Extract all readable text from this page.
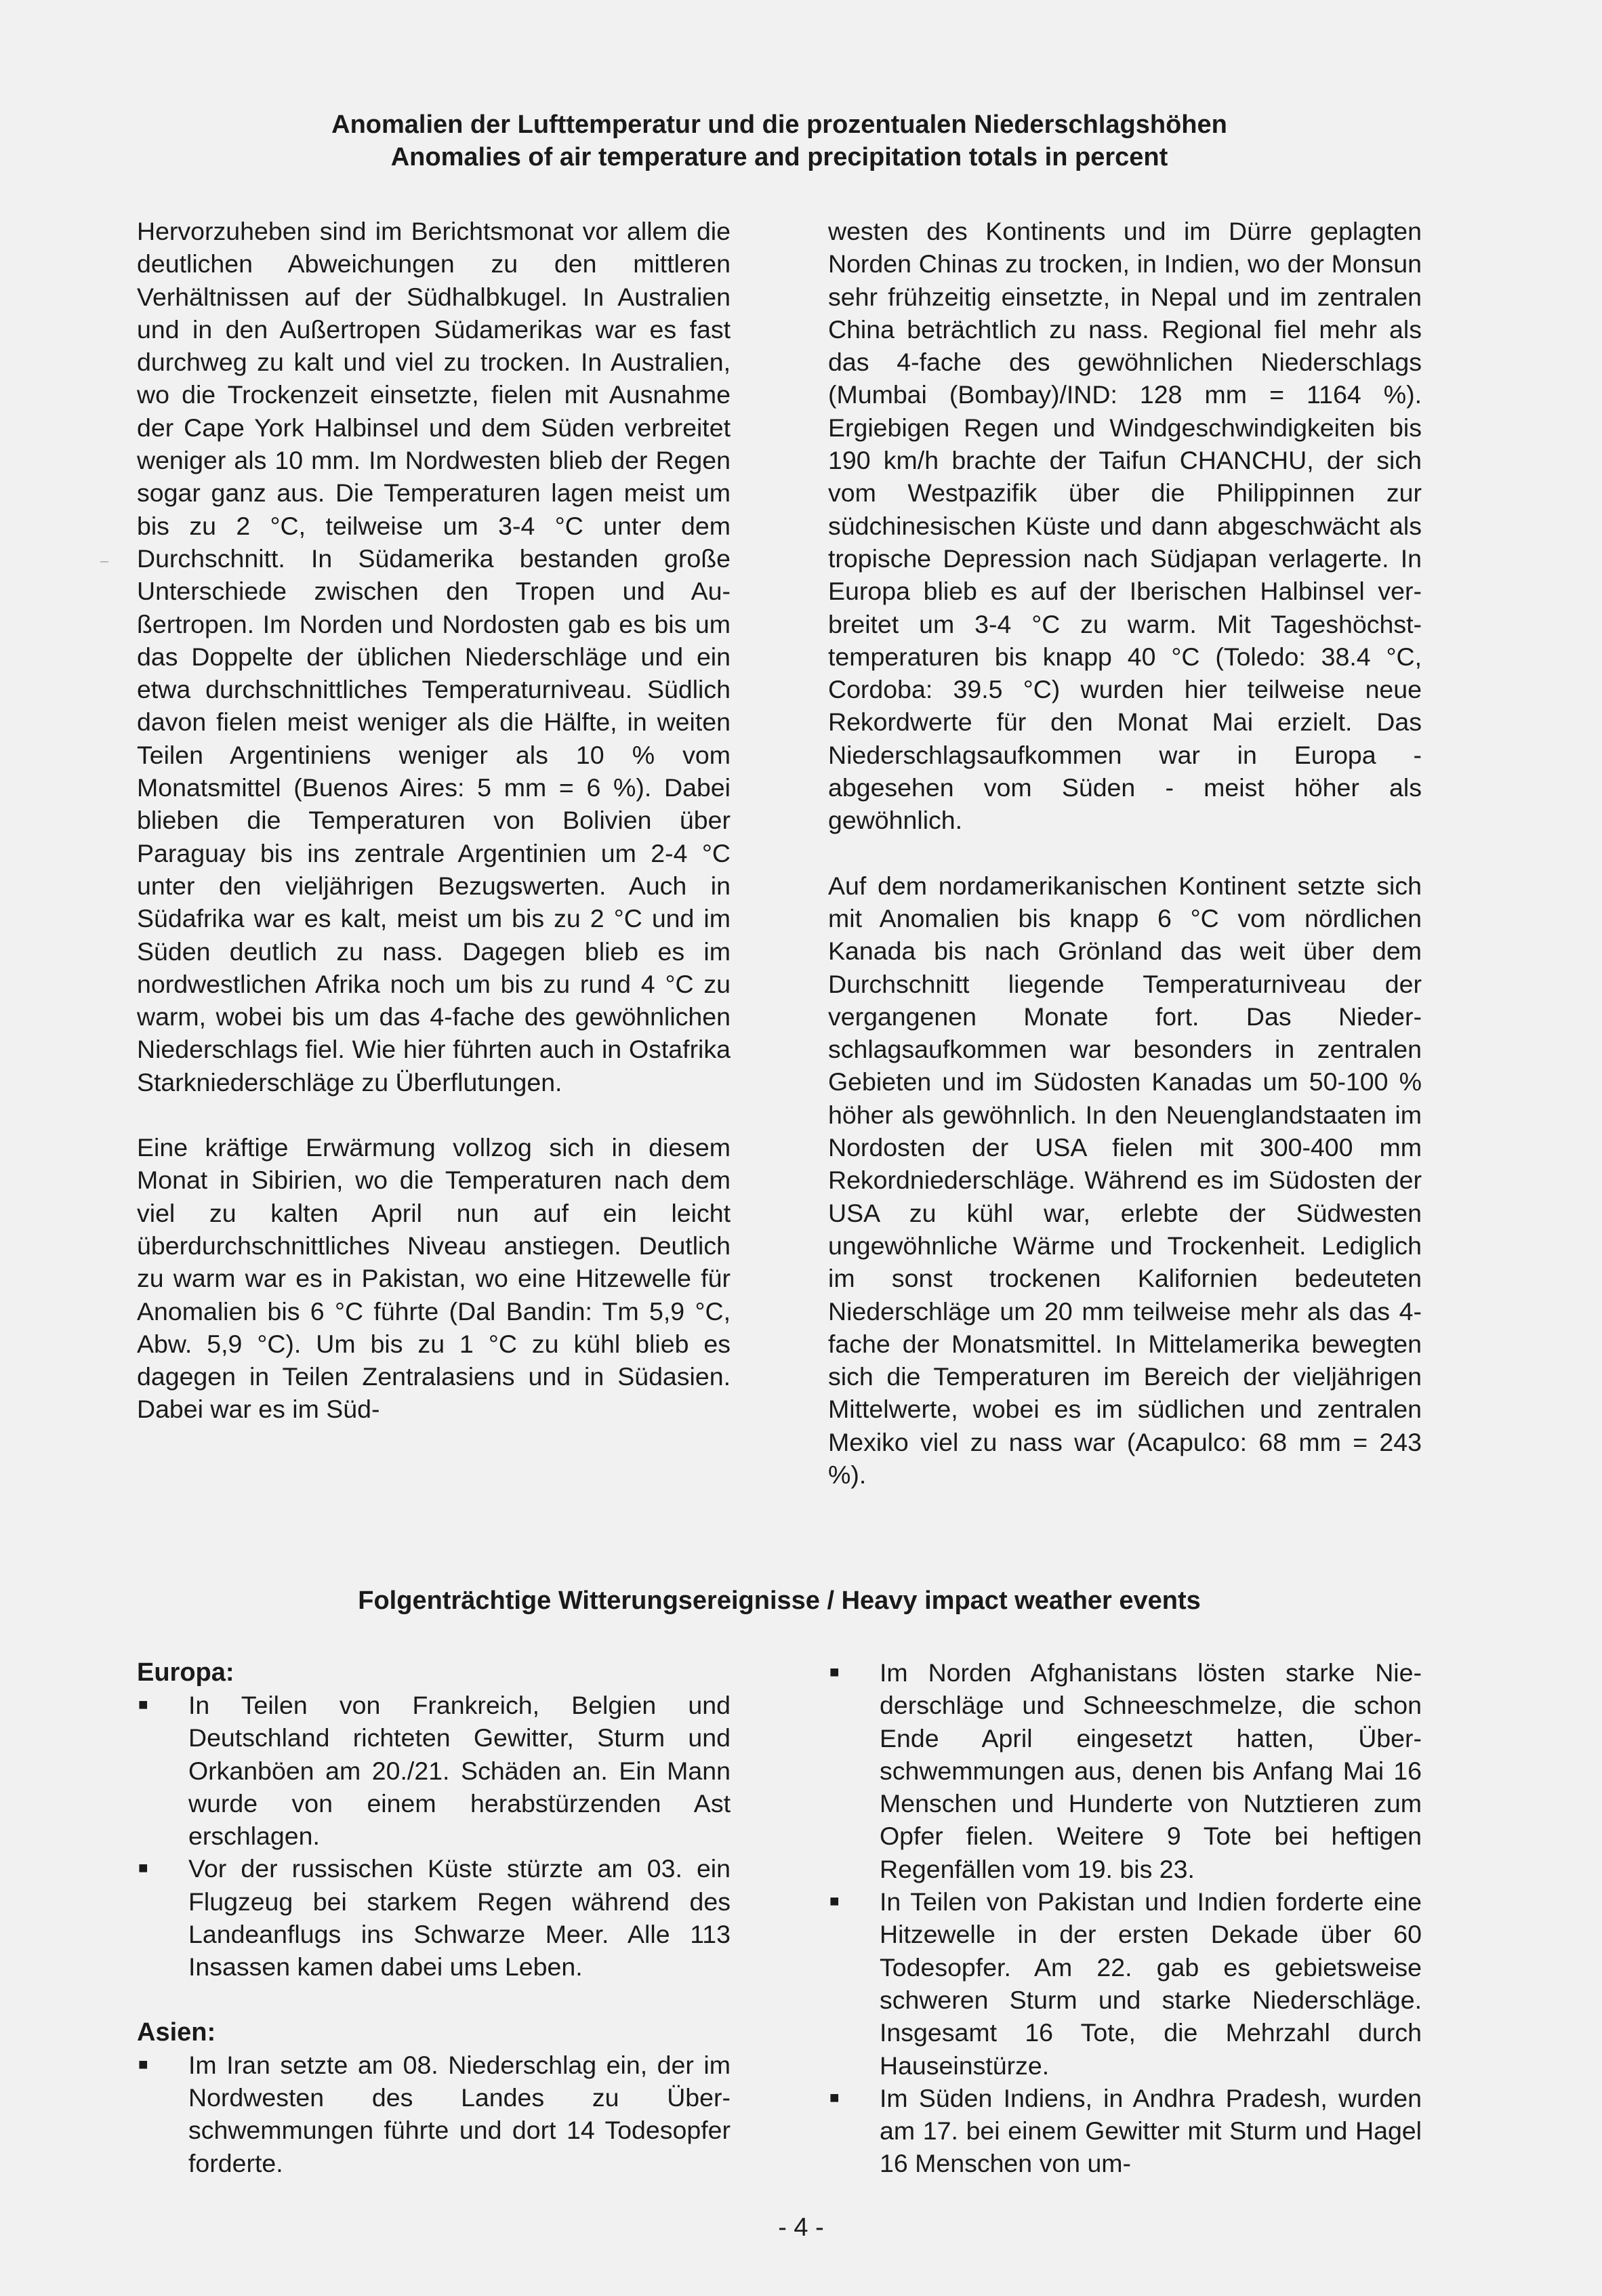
Anomalien der Lufttemperatur und die prozentualen Niederschlagshöhen
Anomalies of air temperature and precipitation totals in percent

Hervorzuheben sind im Berichtsmonat vor allem die deutlichen Abweichungen zu den mittleren Verhältnissen auf der Südhalbkugel. In Australien und in den Außertropen Südamerikas war es fast durchweg zu kalt und viel zu trocken. In Australien, wo die Trockenzeit einsetzte, fielen mit Ausnahme der Cape York Halbinsel und dem Süden verbreitet weniger als 10 mm. Im Nordwesten blieb der Regen sogar ganz aus. Die Temperaturen lagen meist um bis zu 2 °C, teilweise um 3-4 °C unter dem Durchschnitt. In Südamerika bestanden große Unterschiede zwischen den Tropen und Außertropen. Im Norden und Nordosten gab es bis um das Doppelte der üblichen Niederschläge und ein etwa durchschnittliches Temperaturniveau. Südlich davon fielen meist weniger als die Hälfte, in weiten Teilen Argentiniens weniger als 10 % vom Monatsmittel (Buenos Aires: 5 mm = 6 %). Dabei blieben die Temperaturen von Bolivien über Paraguay bis ins zentrale Argentinien um 2-4 °C unter den vieljährigen Bezugswerten. Auch in Südafrika war es kalt, meist um bis zu 2 °C und im Süden deutlich zu nass. Dagegen blieb es im nordwestlichen Afrika noch um bis zu rund 4 °C zu warm, wobei bis um das 4-fache des gewöhnlichen Niederschlags fiel. Wie hier führten auch in Ostafrika Starkniederschläge zu Überflutungen.

Eine kräftige Erwärmung vollzog sich in diesem Monat in Sibirien, wo die Temperaturen nach dem viel zu kalten April nun auf ein leicht überdurchschnittliches Niveau anstiegen. Deutlich zu warm war es in Pakistan, wo eine Hitzewelle für Anomalien bis 6 °C führte (Dal Bandin: Tm 5,9 °C, Abw. 5,9 °C). Um bis zu 1 °C zu kühl blieb es dagegen in Teilen Zentralasiens und in Südasien. Dabei war es im Süd-

westen des Kontinents und im Dürre geplagten Norden Chinas zu trocken, in Indien, wo der Monsun sehr frühzeitig einsetzte, in Nepal und im zentralen China beträchtlich zu nass. Regional fiel mehr als das 4-fache des gewöhnlichen Niederschlags (Mumbai (Bombay)/IND: 128 mm = 1164 %). Ergiebigen Regen und Windgeschwindigkeiten bis 190 km/h brachte der Taifun CHANCHU, der sich vom Westpazifik über die Philippinnen zur südchinesischen Küste und dann abgeschwächt als tropische Depression nach Südjapan verlagerte. In Europa blieb es auf der Iberischen Halbinsel verbreitet um 3-4 °C zu warm. Mit Tageshöchsttemperaturen bis knapp 40 °C (Toledo: 38.4 °C, Cordoba: 39.5 °C) wurden hier teilweise neue Rekordwerte für den Monat Mai erzielt. Das Niederschlagsaufkommen war in Europa - abgesehen vom Süden - meist höher als gewöhnlich.

Auf dem nordamerikanischen Kontinent setzte sich mit Anomalien bis knapp 6 °C vom nördlichen Kanada bis nach Grönland das weit über dem Durchschnitt liegende Temperaturniveau der vergangenen Monate fort. Das Niederschlagsaufkommen war besonders in zentralen Gebieten und im Südosten Kanadas um 50-100 % höher als gewöhnlich. In den Neuenglandstaaten im Nordosten der USA fielen mit 300-400 mm Rekordniederschläge. Während es im Südosten der USA zu kühl war, erlebte der Südwesten ungewöhnliche Wärme und Trockenheit. Lediglich im sonst trockenen Kalifornien bedeuteten Niederschläge um 20 mm teilweise mehr als das 4-fache der Monatsmittel. In Mittelamerika bewegten sich die Temperaturen im Bereich der vieljährigen Mittelwerte, wobei es im südlichen und zentralen Mexiko viel zu nass war (Acapulco: 68 mm = 243 %).

Folgenträchtige Witterungsereignisse / Heavy impact weather events
Europa:
■ In Teilen von Frankreich, Belgien und Deutschland richteten Gewitter, Sturm und Orkanböen am 20./21. Schäden an. Ein Mann wurde von einem herabstürzenden Ast erschlagen.
■ Vor der russischen Küste stürzte am 03. ein Flugzeug bei starkem Regen während des Landeanflugs ins Schwarze Meer. Alle 113 Insassen kamen dabei ums Leben.
Asien:
■ Im Iran setzte am 08. Niederschlag ein, der im Nordwesten des Landes zu Überschwemmungen führte und dort 14 Todesopfer forderte.
■ Im Norden Afghanistans lösten starke Niederschläge und Schneeschmelze, die schon Ende April eingesetzt hatten, Überschwemmungen aus, denen bis Anfang Mai 16 Menschen und Hunderte von Nutztieren zum Opfer fielen. Weitere 9 Tote bei heftigen Regenfällen vom 19. bis 23.
■ In Teilen von Pakistan und Indien forderte eine Hitzewelle in der ersten Dekade über 60 Todesopfer. Am 22. gab es gebietsweise schweren Sturm und starke Niederschläge. Insgesamt 16 Tote, die Mehrzahl durch Hauseinstürze.
■ Im Süden Indiens, in Andhra Pradesh, wurden am 17. bei einem Gewitter mit Sturm und Hagel 16 Menschen von um-
- 4 -
